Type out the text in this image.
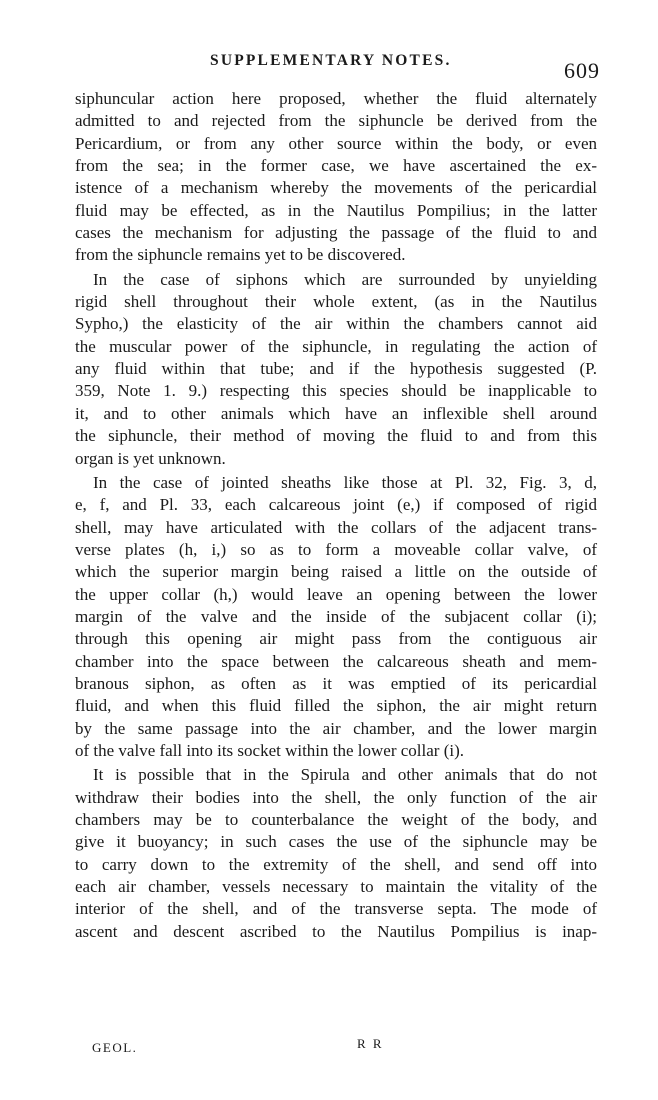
SUPPLEMENTARY NOTES.	609
siphuncular action here proposed, whether the fluid alternately
admitted to and rejected from the siphuncle be derived from the
Pericardium, or from any other source within the body, or even
from the sea; in the former case, we have ascertained the ex-
istence of a mechanism whereby the movements of the pericardial
fluid may be effected, as in the Nautilus Pompilius; in the latter
cases the mechanism for adjusting the passage of the fluid to and
from the siphuncle remains yet to be discovered.
In the case of siphons which are surrounded by unyielding
rigid shell throughout their whole extent, (as in the Nautilus
Sypho,) the elasticity of the air within the chambers cannot aid
the muscular power of the siphuncle, in regulating the action of
any fluid within that tube; and if the hypothesis suggested (P.
359, Note 1. 9.) respecting this species should be inapplicable to
it, and to other animals which have an inflexible shell around
the siphuncle, their method of moving the fluid to and from this
organ is yet unknown.
In the case of jointed sheaths like those at Pl. 32, Fig. 3, d,
e, f, and Pl. 33, each calcareous joint (e,) if composed of rigid
shell, may have articulated with the collars of the adjacent trans-
verse plates (h, i,) so as to form a moveable collar valve, of
which the superior margin being raised a little on the outside of
the upper collar (h,) would leave an opening between the lower
margin of the valve and the inside of the subjacent collar (i);
through this opening air might pass from the contiguous air
chamber into the space between the calcareous sheath and mem-
branous siphon, as often as it was emptied of its pericardial
fluid, and when this fluid filled the siphon, the air might return
by the same passage into the air chamber, and the lower margin
of the valve fall into its socket within the lower collar (i).
It is possible that in the Spirula and other animals that do not
withdraw their bodies into the shell, the only function of the air
chambers may be to counterbalance the weight of the body, and
give it buoyancy; in such cases the use of the siphuncle may be
to carry down to the extremity of the shell, and send off into
each air chamber, vessels necessary to maintain the vitality of the
interior of the shell, and of the transverse septa. The mode of
ascent and descent ascribed to the Nautilus Pompilius is inap-
GEOL.	R R
